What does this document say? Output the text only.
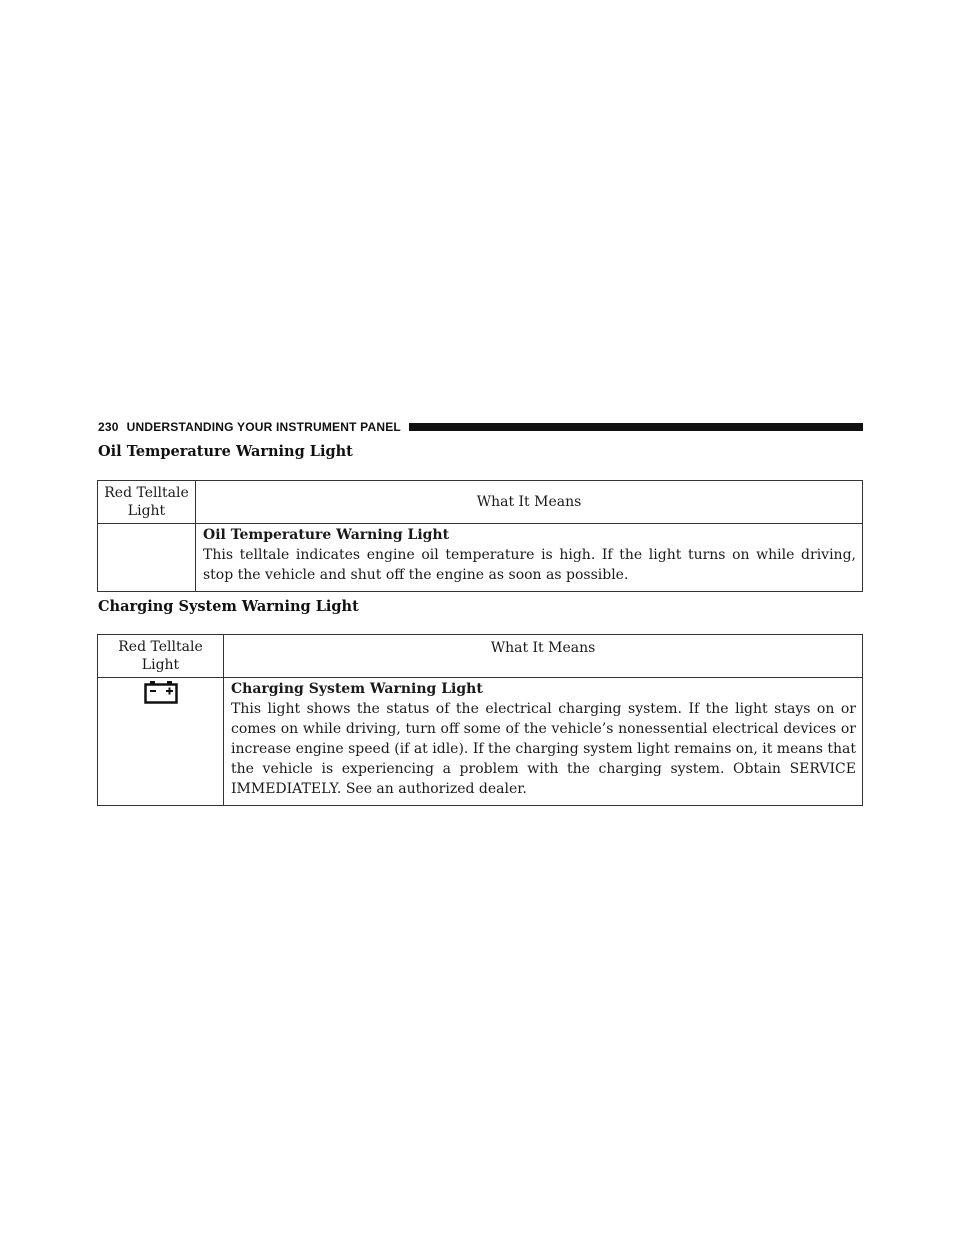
230 UNDERSTANDING YOUR INSTRUMENT PANEL
Oil Temperature Warning Light
Red Telltale Light	What It Means

	Oil Temperature Warning Light
This telltale indicates engine oil temperature is high. If the light turns on while driving, stop the vehicle and shut off the engine as soon as possible.
Charging System Warning Light
Red Telltale Light	What It Means

Charging System Warning Light
This light shows the status of the electrical charging system. If the light stays on or comes on while driving, turn off some of the vehicle’s nonessential electrical devices or increase engine speed (if at idle). If the charging system light remains on, it means that the vehicle is experiencing a problem with the charging system. Obtain SERVICE IMMEDIATELY. See an authorized dealer.
